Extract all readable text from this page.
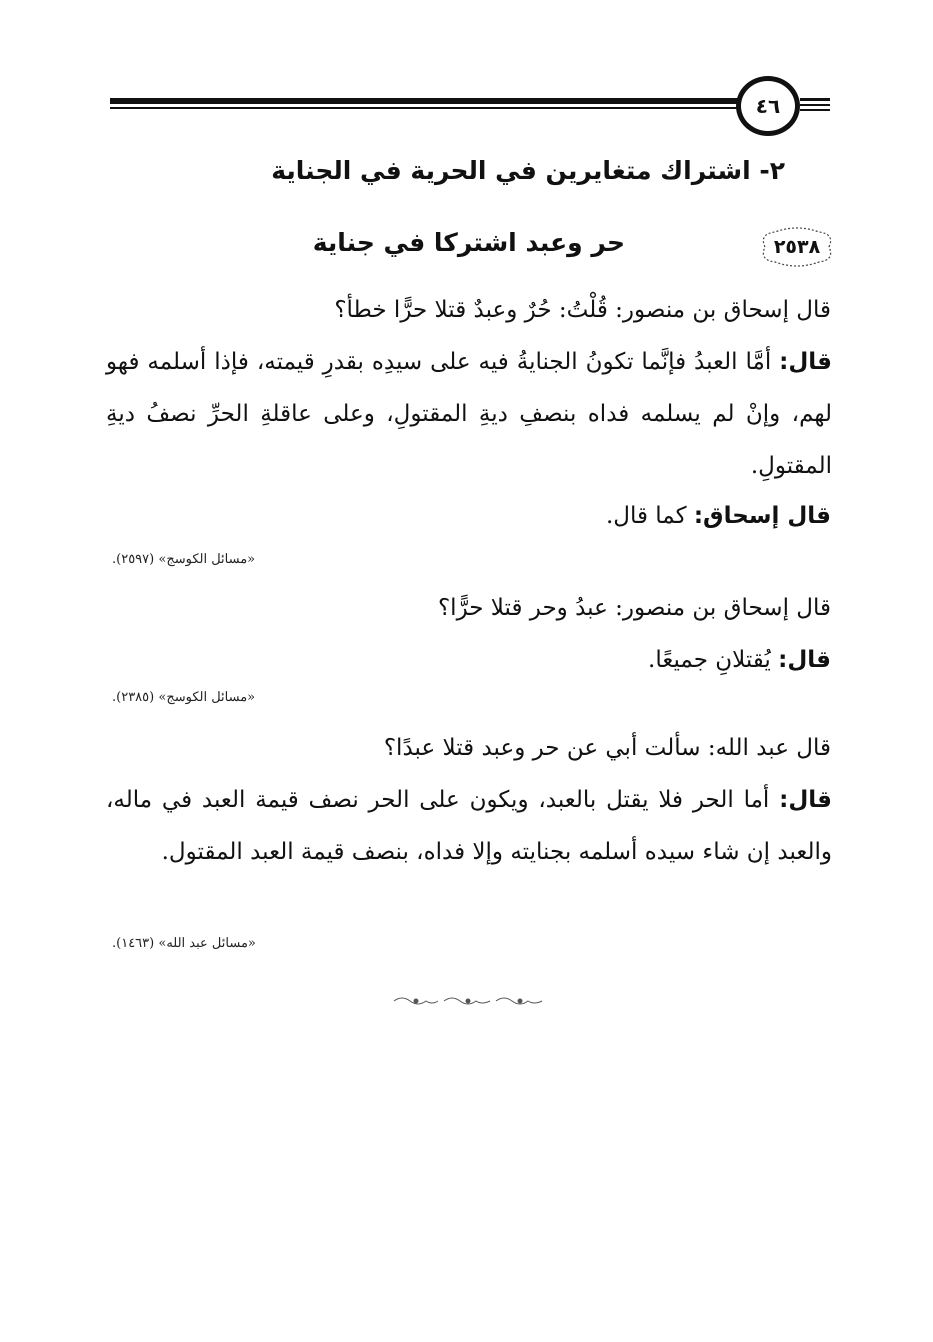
٤٦
٢- اشتراك متغايرين في الحرية في الجناية
٢٥٣٨
حر وعبد اشتركا في جناية
قال إسحاق بن منصور: قُلْتُ: حُرٌ وعبدٌ قتلا حرًّا خطأ؟
قال: أمَّا العبدُ فإنَّما تكونُ الجنايةُ فيه على سيدِه بقدرِ قيمته، فإذا أسلمه فهو لهم، وإنْ لم يسلمه فداه بنصفِ ديةِ المقتولِ، وعلى عاقلةِ الحرِّ نصفُ ديةِ المقتولِ.
قال إسحاق: كما قال.
«مسائل الكوسج» (٢٥٩٧).
قال إسحاق بن منصور: عبدُ وحر قتلا حرًّا؟
قال: يُقتلانِ جميعًا.
«مسائل الكوسج» (٢٣٨٥).
قال عبد الله: سألت أبي عن حر وعبد قتلا عبدًا؟
قال: أما الحر فلا يقتل بالعبد، ويكون على الحر نصف قيمة العبد في ماله، والعبد إن شاء سيده أسلمه بجنايته وإلا فداه، بنصف قيمة العبد المقتول.
«مسائل عبد الله» (١٤٦٣).
